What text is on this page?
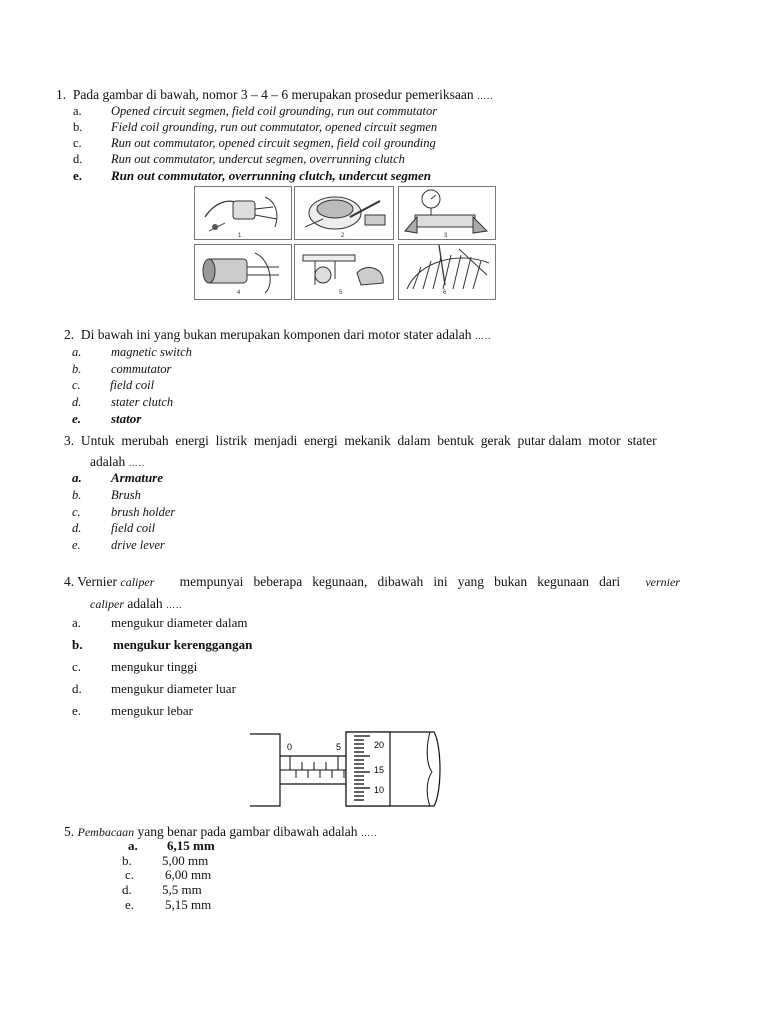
1. Pada gambar di bawah, nomor 3 – 4 – 6 merupakan prosedur pemeriksaan …..
a. Opened circuit segmen, field coil grounding, run out commutator
b. Field coil grounding, run out commutator, opened circuit segmen
c. Run out commutator, opened circuit segmen, field coil grounding
d. Run out commutator, undercut segmen, overrunning clutch
e. Run out commutator, overrunning clutch, undercut segmen
4	5	6
1	2	3
2. Di bawah ini yang bukan merupakan komponen dari motor stater adalah …..
a. magnetic switch
b. commutator
c. field coil
d. stater clutch
e. stator
3. Untuk  merubah  energi  listrik  menjadi  energi  mekanik  dalam  bentuk  gerak  putar dalam  motor  stater
adalah …..
a. Armature
b. Brush
c. brush holder
d. field coil
e. drive lever
4. Vernier caliper mempunyai   beberapa   kegunaan,   dibawah   ini   yang   bukan   kegunaan   dari vernier
caliper adalah …..
a. mengukur diameter dalam
b. mengukur kerenggangan
c. mengukur tinggi
d. mengukur diameter luar
e. mengukur lebar
0	5	20
15
10
5. Pembacaan yang benar pada gambar dibawah adalah …..
a. 6,15 mm
b. 5,00 mm
c. 6,00 mm
d. 5,5 mm
e. 5,15 mm
